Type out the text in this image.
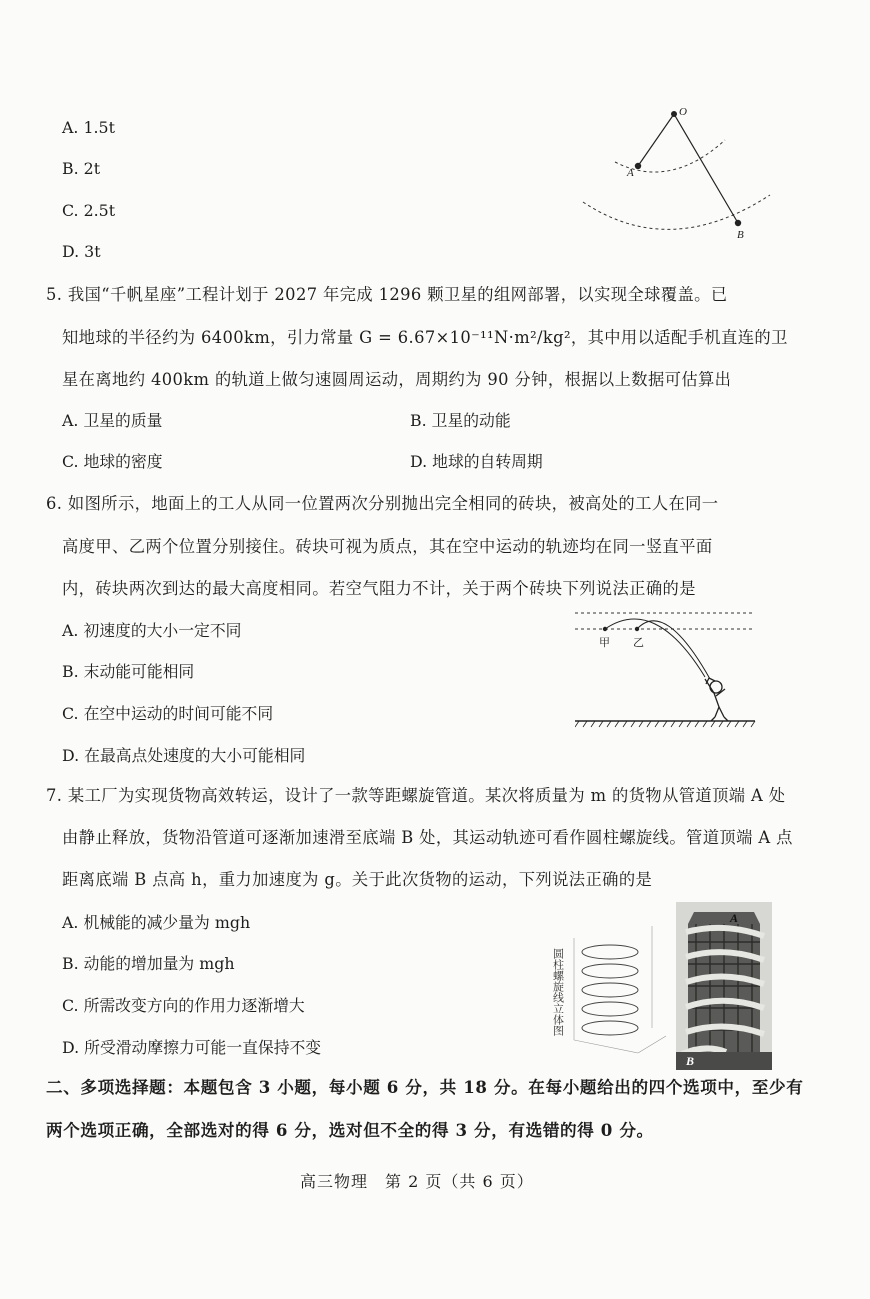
A. 1.5t
B. 2t
C. 2.5t
D. 3t
O
A
B
5. 我国“千帆星座”工程计划于 2027 年完成 1296 颗卫星的组网部署，以实现全球覆盖。已
知地球的半径约为 6400km，引力常量 G = 6.67×10⁻¹¹N·m²/kg²，其中用以适配手机直连的卫
星在离地约 400km 的轨道上做匀速圆周运动，周期约为 90 分钟，根据以上数据可估算出
A. 卫星的质量	B. 卫星的动能
C. 地球的密度	D. 地球的自转周期
6. 如图所示，地面上的工人从同一位置两次分别抛出完全相同的砖块，被高处的工人在同一
高度甲、乙两个位置分别接住。砖块可视为质点，其在空中运动的轨迹均在同一竖直平面
内，砖块两次到达的最大高度相同。若空气阻力不计，关于两个砖块下列说法正确的是
A. 初速度的大小一定不同
B. 末动能可能相同
C. 在空中运动的时间可能不同
D. 在最高点处速度的大小可能相同
甲 乙
7. 某工厂为实现货物高效转运，设计了一款等距螺旋管道。某次将质量为 m 的货物从管道顶端 A 处
由静止释放，货物沿管道可逐渐加速滑至底端 B 处，其运动轨迹可看作圆柱螺旋线。管道顶端 A 点
距离底端 B 点高 h，重力加速度为 g。关于此次货物的运动，下列说法正确的是
A. 机械能的减少量为 mgh
B. 动能的增加量为 mgh
C. 所需改变方向的作用力逐渐增大
D. 所受滑动摩擦力可能一直保持不变
圆柱螺旋线立体图
A
B
二、多项选择题：本题包含 3 小题，每小题 6 分，共 18 分。在每小题给出的四个选项中，至少有
两个选项正确，全部选对的得 6 分，选对但不全的得 3 分，有选错的得 0 分。
高三物理　第 2 页（共 6 页）
